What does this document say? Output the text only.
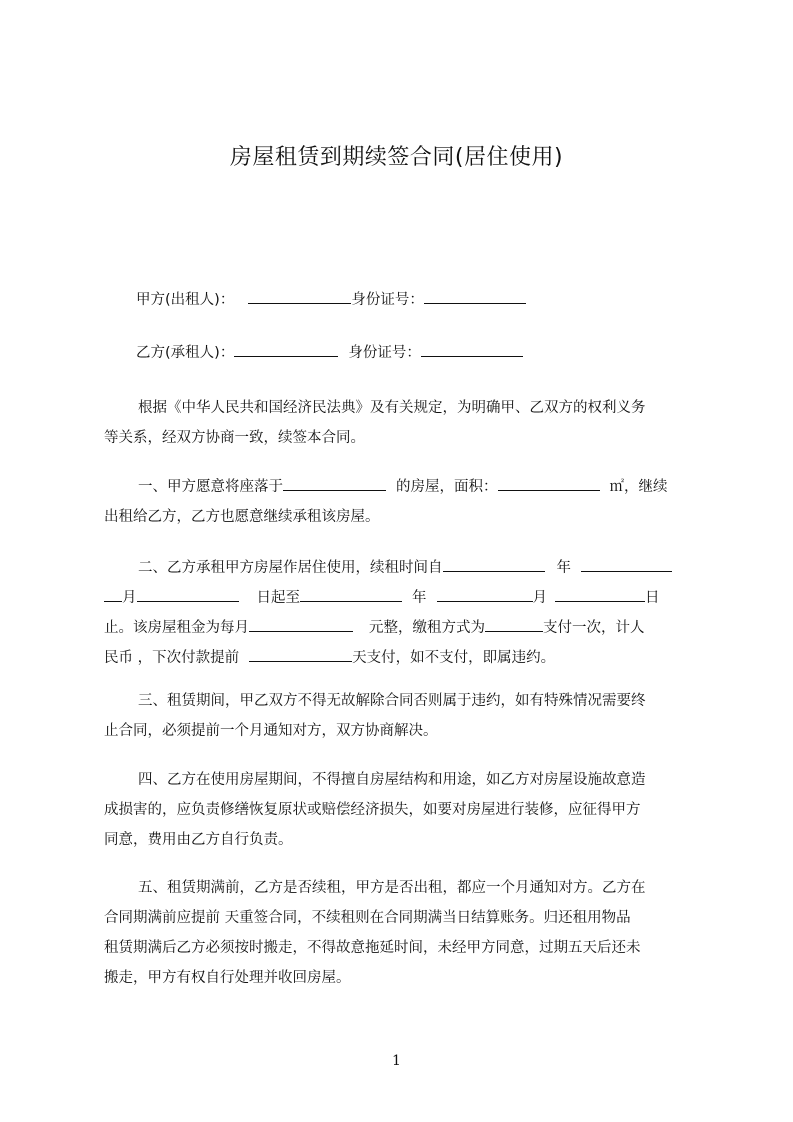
房屋租赁到期续签合同(居住使用)
甲方(出租人)：	身份证号：
乙方(承租人)：	身份证号：
根据《中华人民共和国经济民法典》及有关规定，为明确甲、乙双方的权利义务
等关系，经双方协商一致，续签本合同。
一、甲方愿意将座落于	的房屋，面积：	㎡，继续
出租给乙方，乙方也愿意继续承租该房屋。
二、乙方承租甲方房屋作居住使用，续租时间自	年
月	日起至	年	月	日
止。该房屋租金为每月	元整，缴租方式为	支付一次，计人
民币 ，下次付款提前	天支付，如不支付，即属违约。
三、租赁期间，甲乙双方不得无故解除合同否则属于违约，如有特殊情况需要终
止合同，必须提前一个月通知对方，双方协商解决。
四、乙方在使用房屋期间，不得擅自房屋结构和用途，如乙方对房屋设施故意造
成损害的，应负责修缮恢复原状或赔偿经济损失，如要对房屋进行装修，应征得甲方
同意，费用由乙方自行负责。
五、租赁期满前，乙方是否续租，甲方是否出租，都应一个月通知对方。乙方在
合同期满前应提前 天重签合同，不续租则在合同期满当日结算账务。归还租用物品
租赁期满后乙方必须按时搬走，不得故意拖延时间，未经甲方同意，过期五天后还未
搬走，甲方有权自行处理并收回房屋。
1
